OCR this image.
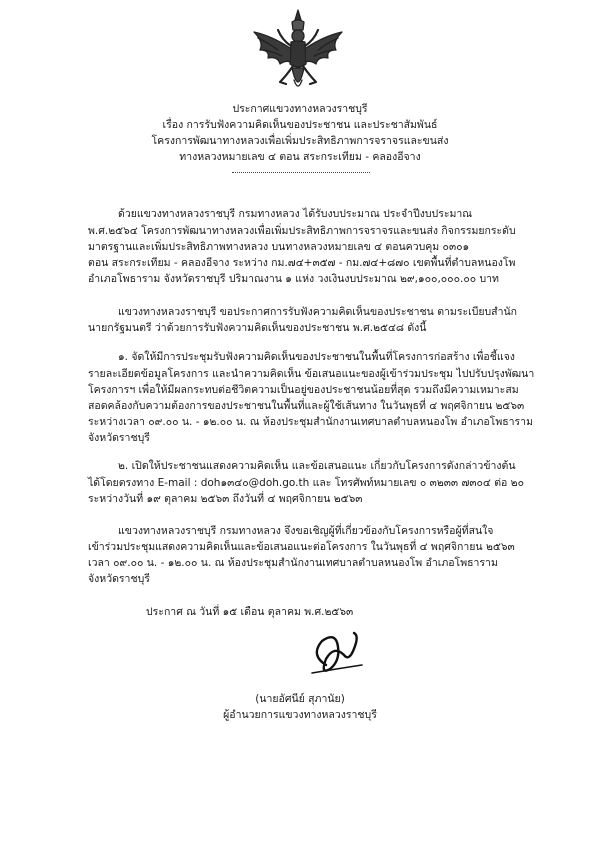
ประกาศแขวงทางหลวงราชบุรี
เรื่อง การรับฟังความคิดเห็นของประชาชน และประชาสัมพันธ์
โครงการพัฒนาทางหลวงเพื่อเพิ่มประสิทธิภาพการจราจรและขนส่ง
ทางหลวงหมายเลข ๔ ตอน สระกระเทียม - คลองอีจาง
ด้วยแขวงทางหลวงราชบุรี กรมทางหลวง ได้รับงบประมาณ ประจำปีงบประมาณ
พ.ศ.๒๕๖๔ โครงการพัฒนาทางหลวงเพื่อเพิ่มประสิทธิภาพการจราจรและขนส่ง กิจกรรมยกระดับ
มาตรฐานและเพิ่มประสิทธิภาพทางหลวง บนทางหลวงหมายเลข ๔ ตอนควบคุม ๐๓๐๑
ตอน สระกระเทียม - คลองอีจาง ระหว่าง กม.๗๔+๓๕๗ - กม.๗๔+๘๗๐ เขตพื้นที่ตำบลหนองโพ
อำเภอโพธาราม จังหวัดราชบุรี ปริมาณงาน ๑ แห่ง วงเงินงบประมาณ ๒๙,๑๐๐,๐๐๐.๐๐ บาท
แขวงทางหลวงราชบุรี ขอประกาศการรับฟังความคิดเห็นของประชาชน ตามระเบียบสำนัก
นายกรัฐมนตรี ว่าด้วยการรับฟังความคิดเห็นของประชาชน พ.ศ.๒๕๔๘ ดังนี้
๑. จัดให้มีการประชุมรับฟังความคิดเห็นของประชาชนในพื้นที่โครงการก่อสร้าง เพื่อชี้แจง
รายละเอียดข้อมูลโครงการ และนำความคิดเห็น ข้อเสนอแนะของผู้เข้าร่วมประชุม ไปปรับปรุงพัฒนา
โครงการฯ เพื่อให้มีผลกระทบต่อชีวิตความเป็นอยู่ของประชาชนน้อยที่สุด รวมถึงมีความเหมาะสม
สอดคล้องกับความต้องการของประชาชนในพื้นที่และผู้ใช้เส้นทาง ในวันพุธที่ ๔ พฤศจิกายน ๒๕๖๓
ระหว่างเวลา ๐๙.๐๐ น. - ๑๒.๐๐ น. ณ ห้องประชุมสำนักงานเทศบาลตำบลหนองโพ อำเภอโพธาราม
จังหวัดราชบุรี
๒. เปิดให้ประชาชนแสดงความคิดเห็น และข้อเสนอแนะ เกี่ยวกับโครงการดังกล่าวข้างต้น
ได้โดยตรงทาง E-mail : doh๑๓๔๐@doh.go.th และ โทรศัพท์หมายเลข ๐ ๓๒๓๓ ๗๓๐๔ ต่อ ๒๐
ระหว่างวันที่ ๑๙ ตุลาคม ๒๕๖๓ ถึงวันที่ ๔ พฤศจิกายน ๒๕๖๓
แขวงทางหลวงราชบุรี กรมทางหลวง จึงขอเชิญผู้ที่เกี่ยวข้องกับโครงการหรือผู้ที่สนใจ
เข้าร่วมประชุมแสดงความคิดเห็นและข้อเสนอแนะต่อโครงการ ในวันพุธที่ ๔ พฤศจิกายน ๒๕๖๓
เวลา ๐๙.๐๐ น. - ๑๒.๐๐ น. ณ ห้องประชุมสำนักงานเทศบาลตำบลหนองโพ อำเภอโพธาราม
จังหวัดราชบุรี
ประกาศ ณ วันที่ ๑๕ เดือน ตุลาคม พ.ศ.๒๕๖๓
(นายอัศนีย์ สุภานัย)
ผู้อำนวยการแขวงทางหลวงราชบุรี
